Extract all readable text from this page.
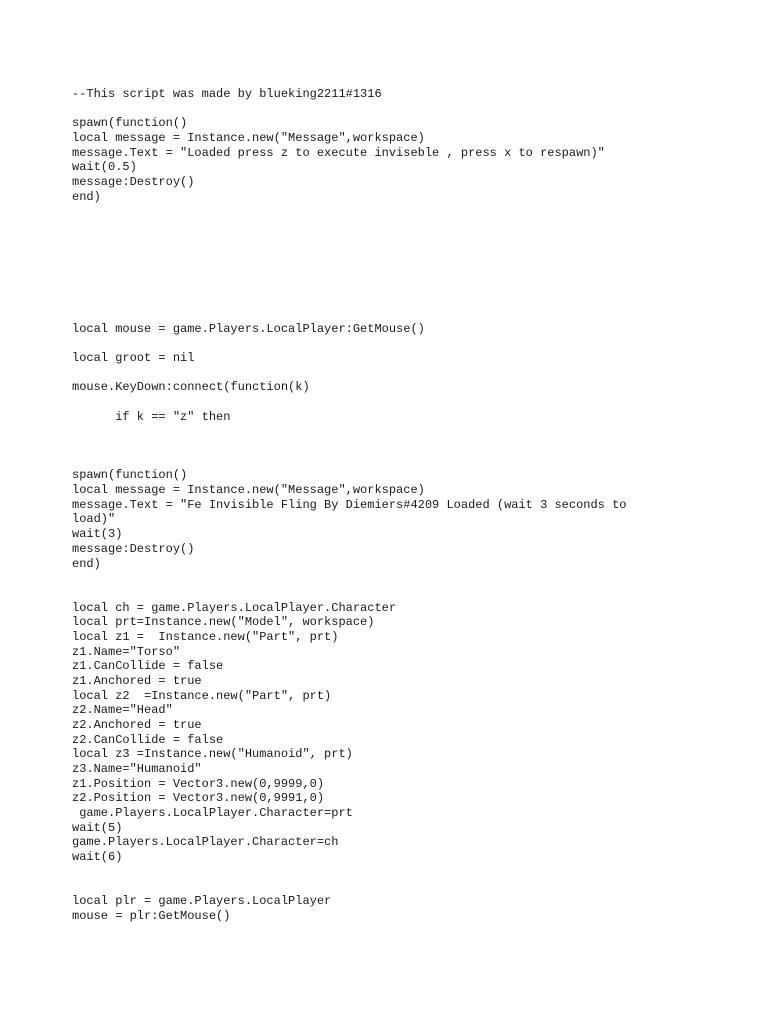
--This script was made by blueking2211#1316
spawn(function()
local message = Instance.new("Message",workspace)
message.Text = "Loaded press z to execute inviseble , press x to respawn)"
wait(0.5)
message:Destroy()
end)
local mouse = game.Players.LocalPlayer:GetMouse()
local groot = nil
mouse.KeyDown:connect(function(k)
if k == "z" then
spawn(function()
local message = Instance.new("Message",workspace)
message.Text = "Fe Invisible Fling By Diemiers#4209 Loaded (wait 3 seconds to
load)"
wait(3)
message:Destroy()
end)
local ch = game.Players.LocalPlayer.Character
local prt=Instance.new("Model", workspace)
local z1 =  Instance.new("Part", prt)
z1.Name="Torso"
z1.CanCollide = false
z1.Anchored = true
local z2  =Instance.new("Part", prt)
z2.Name="Head"
z2.Anchored = true
z2.CanCollide = false
local z3 =Instance.new("Humanoid", prt)
z3.Name="Humanoid"
z1.Position = Vector3.new(0,9999,0)
z2.Position = Vector3.new(0,9991,0)
game.Players.LocalPlayer.Character=prt
wait(5)
game.Players.LocalPlayer.Character=ch
wait(6)
local plr = game.Players.LocalPlayer
mouse = plr:GetMouse()
